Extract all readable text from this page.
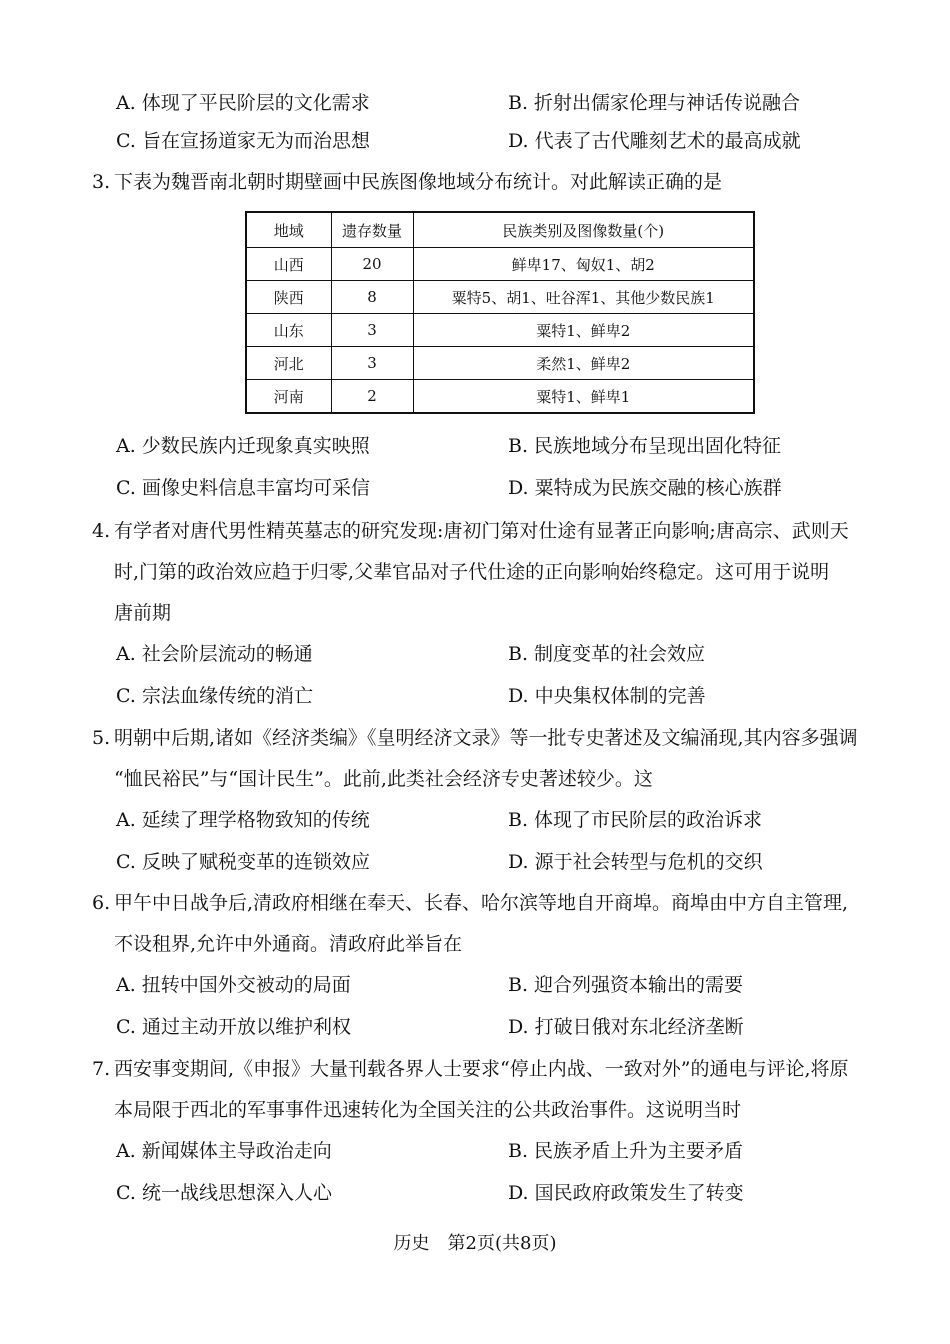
A. 体现了平民阶层的文化需求	B. 折射出儒家伦理与神话传说融合
C. 旨在宣扬道家无为而治思想	D. 代表了古代雕刻艺术的最高成就
3. 下表为魏晋南北朝时期壁画中民族图像地域分布统计。对此解读正确的是
地域	遗存数量	民族类别及图像数量(个)
山西	20	鲜卑17、匈奴1、胡2
陕西	8	粟特5、胡1、吐谷浑1、其他少数民族1
山东	3	粟特1、鲜卑2
河北	3	柔然1、鲜卑2
河南	2	粟特1、鲜卑1
A. 少数民族内迁现象真实映照	B. 民族地域分布呈现出固化特征
C. 画像史料信息丰富均可采信	D. 粟特成为民族交融的核心族群
4. 有学者对唐代男性精英墓志的研究发现:唐初门第对仕途有显著正向影响;唐高宗、武则天
时,门第的政治效应趋于归零,父辈官品对子代仕途的正向影响始终稳定。这可用于说明
唐前期
A. 社会阶层流动的畅通	B. 制度变革的社会效应
C. 宗法血缘传统的消亡	D. 中央集权体制的完善
5. 明朝中后期,诸如《经济类编》《皇明经济文录》等一批专史著述及文编涌现,其内容多强调
“恤民裕民”与“国计民生”。此前,此类社会经济专史著述较少。这
A. 延续了理学格物致知的传统	B. 体现了市民阶层的政治诉求
C. 反映了赋税变革的连锁效应	D. 源于社会转型与危机的交织
6. 甲午中日战争后,清政府相继在奉天、长春、哈尔滨等地自开商埠。商埠由中方自主管理,
不设租界,允许中外通商。清政府此举旨在
A. 扭转中国外交被动的局面	B. 迎合列强资本输出的需要
C. 通过主动开放以维护利权	D. 打破日俄对东北经济垄断
7. 西安事变期间,《申报》大量刊载各界人士要求“停止内战、一致对外”的通电与评论,将原
本局限于西北的军事事件迅速转化为全国关注的公共政治事件。这说明当时
A. 新闻媒体主导政治走向	B. 民族矛盾上升为主要矛盾
C. 统一战线思想深入人心	D. 国民政府政策发生了转变
历史　第2页(共8页)
